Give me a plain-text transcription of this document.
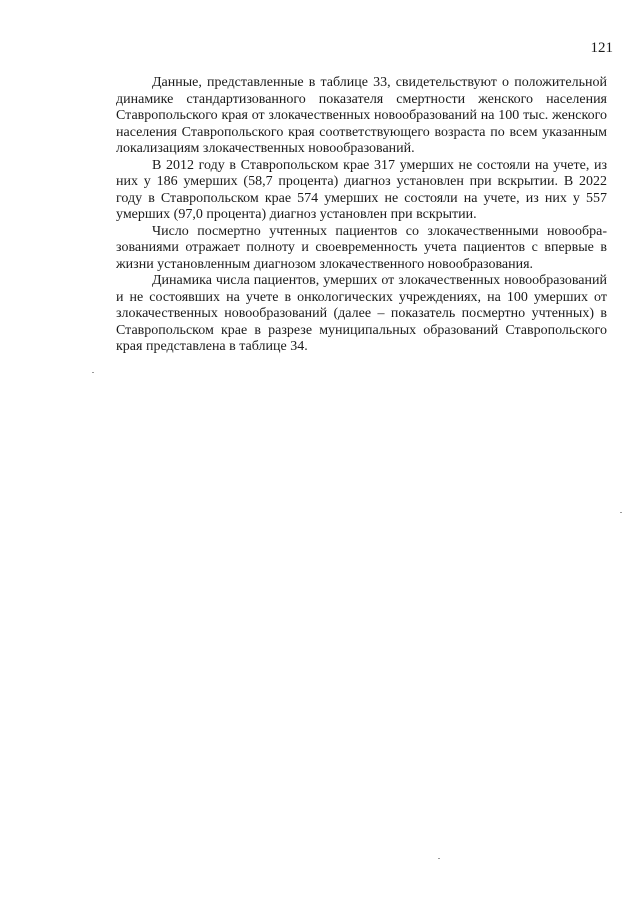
121

Данные, представленные в таблице 33, свидетельствуют о положительной динамике стандартизованного показателя смертности женского населения Ставропольского края от злокачественных новообразований на 100 тыс. женского населения Ставропольского края соответствующего возраста по всем указанным локализациям злокачественных новообразований.

В 2012 году в Ставропольском крае 317 умерших не состояли на учете, из них у 186 умерших (58,7 процента) диагноз установлен при вскрытии. В 2022 году в Ставропольском крае 574 умерших не состояли на учете, из них у 557 умерших (97,0 процента) диагноз установлен при вскрытии.

Число посмертно учтенных пациентов со злокачественными новообразованиями отражает полноту и своевременность учета пациентов с впервые в жизни установленным диагнозом злокачественного новообразования.

Динамика числа пациентов, умерших от злокачественных новообразований и не состоявших на учете в онкологических учреждениях, на 100 умерших от злокачественных новообразований (далее – показатель посмертно учтенных) в Ставропольском крае в разрезе муниципальных образований Ставропольского края представлена в таблице 34.
